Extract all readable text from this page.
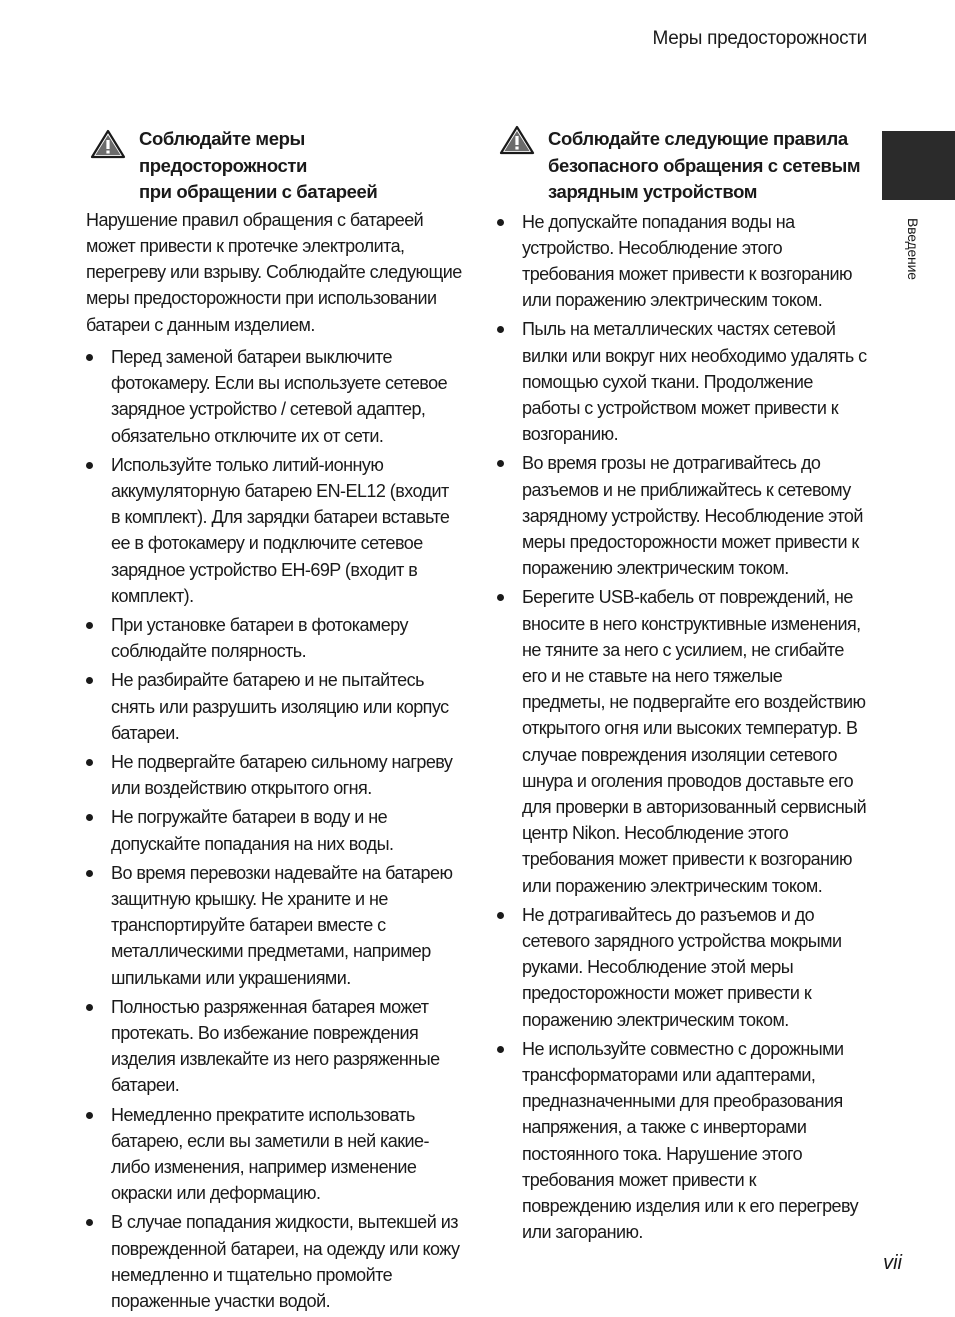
Меры предосторожности
Введение
Соблюдайте меры предосторожности
при обращении с батареей

Нарушение правил обращения с батареей может привести к протечке электролита, перегреву или взрыву. Соблюдайте следующие меры предосторожности при использовании батареи с данным изделием.

Перед заменой батареи выключите фотокамеру. Если вы используете сетевое зарядное устройство / сетевой адаптер, обязательно отключите их от сети.
Используйте только литий-ионную аккумуляторную батарею EN-EL12 (входит в комплект). Для зарядки батареи вставьте ее в фотокамеру и подключите сетевое зарядное устройство EH-69P (входит в комплект).
При установке батареи в фотокамеру соблюдайте полярность.
Не разбирайте батарею и не пытайтесь снять или разрушить изоляцию или корпус батареи.
Не подвергайте батарею сильному нагреву или воздействию открытого огня.
Не погружайте батареи в воду и не допускайте попадания на них воды.
Во время перевозки надевайте на батарею защитную крышку. Не храните и не транспортируйте батареи вместе с металлическими предметами, например шпильками или украшениями.
Полностью разряженная батарея может протекать. Во избежание повреждения изделия извлекайте из него разряженные батареи.
Немедленно прекратите использовать батарею, если вы заметили в ней какие-либо изменения, например изменение окраски или деформацию.
В случае попадания жидкости, вытекшей из поврежденной батареи, на одежду или кожу немедленно и тщательно промойте пораженные участки водой.
Соблюдайте следующие правила
безопасного обращения с сетевым
зарядным устройством
Не допускайте попадания воды на устройство. Несоблюдение этого требования может привести к возгоранию или поражению электрическим током.
Пыль на металлических частях сетевой вилки или вокруг них необходимо удалять с помощью сухой ткани. Продолжение работы с устройством может привести к возгоранию.
Во время грозы не дотрагивайтесь до разъемов и не приближайтесь к сетевому зарядному устройству. Несоблюдение этой меры предосторожности может привести к поражению электрическим током.
Берегите USB-кабель от повреждений, не вносите в него конструктивные изменения, не тяните за него с усилием, не сгибайте его и не ставьте на него тяжелые предметы, не подвергайте его воздействию открытого огня или высоких температур. В случае повреждения изоляции сетевого шнура и оголения проводов доставьте его для проверки в авторизованный сервисный центр Nikon. Несоблюдение этого требования может привести к возгоранию или поражению электрическим током.
Не дотрагивайтесь до разъемов и до сетевого зарядного устройства мокрыми руками. Несоблюдение этой меры предосторожности может привести к поражению электрическим током.
Не используйте совместно с дорожными трансформаторами или адаптерами, предназначенными для преобразования напряжения, а также с инверторами постоянного тока. Нарушение этого требования может привести к повреждению изделия или к его перегреву или загоранию.
vii
